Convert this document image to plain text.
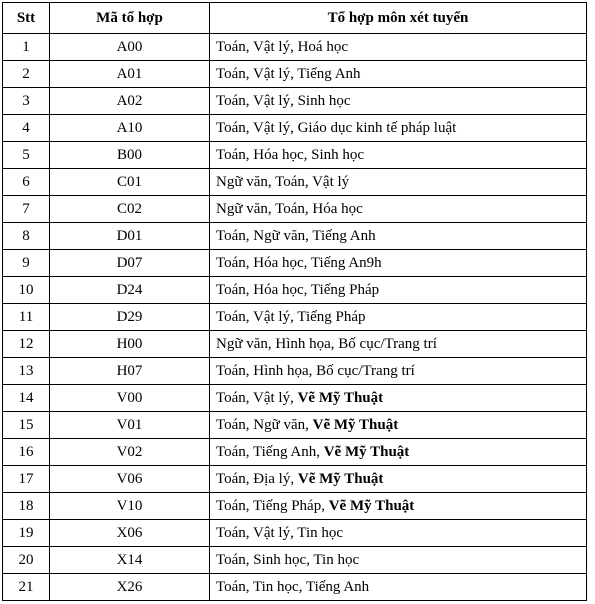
Stt	Mã tổ hợp	Tổ hợp môn xét tuyển
1	A00	Toán, Vật lý, Hoá học
2	A01	Toán, Vật lý, Tiếng Anh
3	A02	Toán, Vật lý, Sinh học
4	A10	Toán, Vật lý, Giáo dục kinh tế pháp luật
5	B00	Toán, Hóa học, Sinh học
6	C01	Ngữ văn, Toán, Vật lý
7	C02	Ngữ văn, Toán, Hóa học
8	D01	Toán, Ngữ văn, Tiếng Anh
9	D07	Toán, Hóa học, Tiếng An9h
10	D24	Toán, Hóa học, Tiếng Pháp
11	D29	Toán, Vật lý, Tiếng Pháp
12	H00	Ngữ văn, Hình họa, Bố cục/Trang trí
13	H07	Toán, Hình họa, Bố cục/Trang trí
14	V00	Toán, Vật lý, Vẽ Mỹ Thuật
15	V01	Toán, Ngữ văn, Vẽ Mỹ Thuật
16	V02	Toán, Tiếng Anh, Vẽ Mỹ Thuật
17	V06	Toán, Địa lý, Vẽ Mỹ Thuật
18	V10	Toán, Tiếng Pháp, Vẽ Mỹ Thuật
19	X06	Toán, Vật lý, Tin học
20	X14	Toán, Sinh học, Tin học
21	X26	Toán, Tin học, Tiếng Anh
